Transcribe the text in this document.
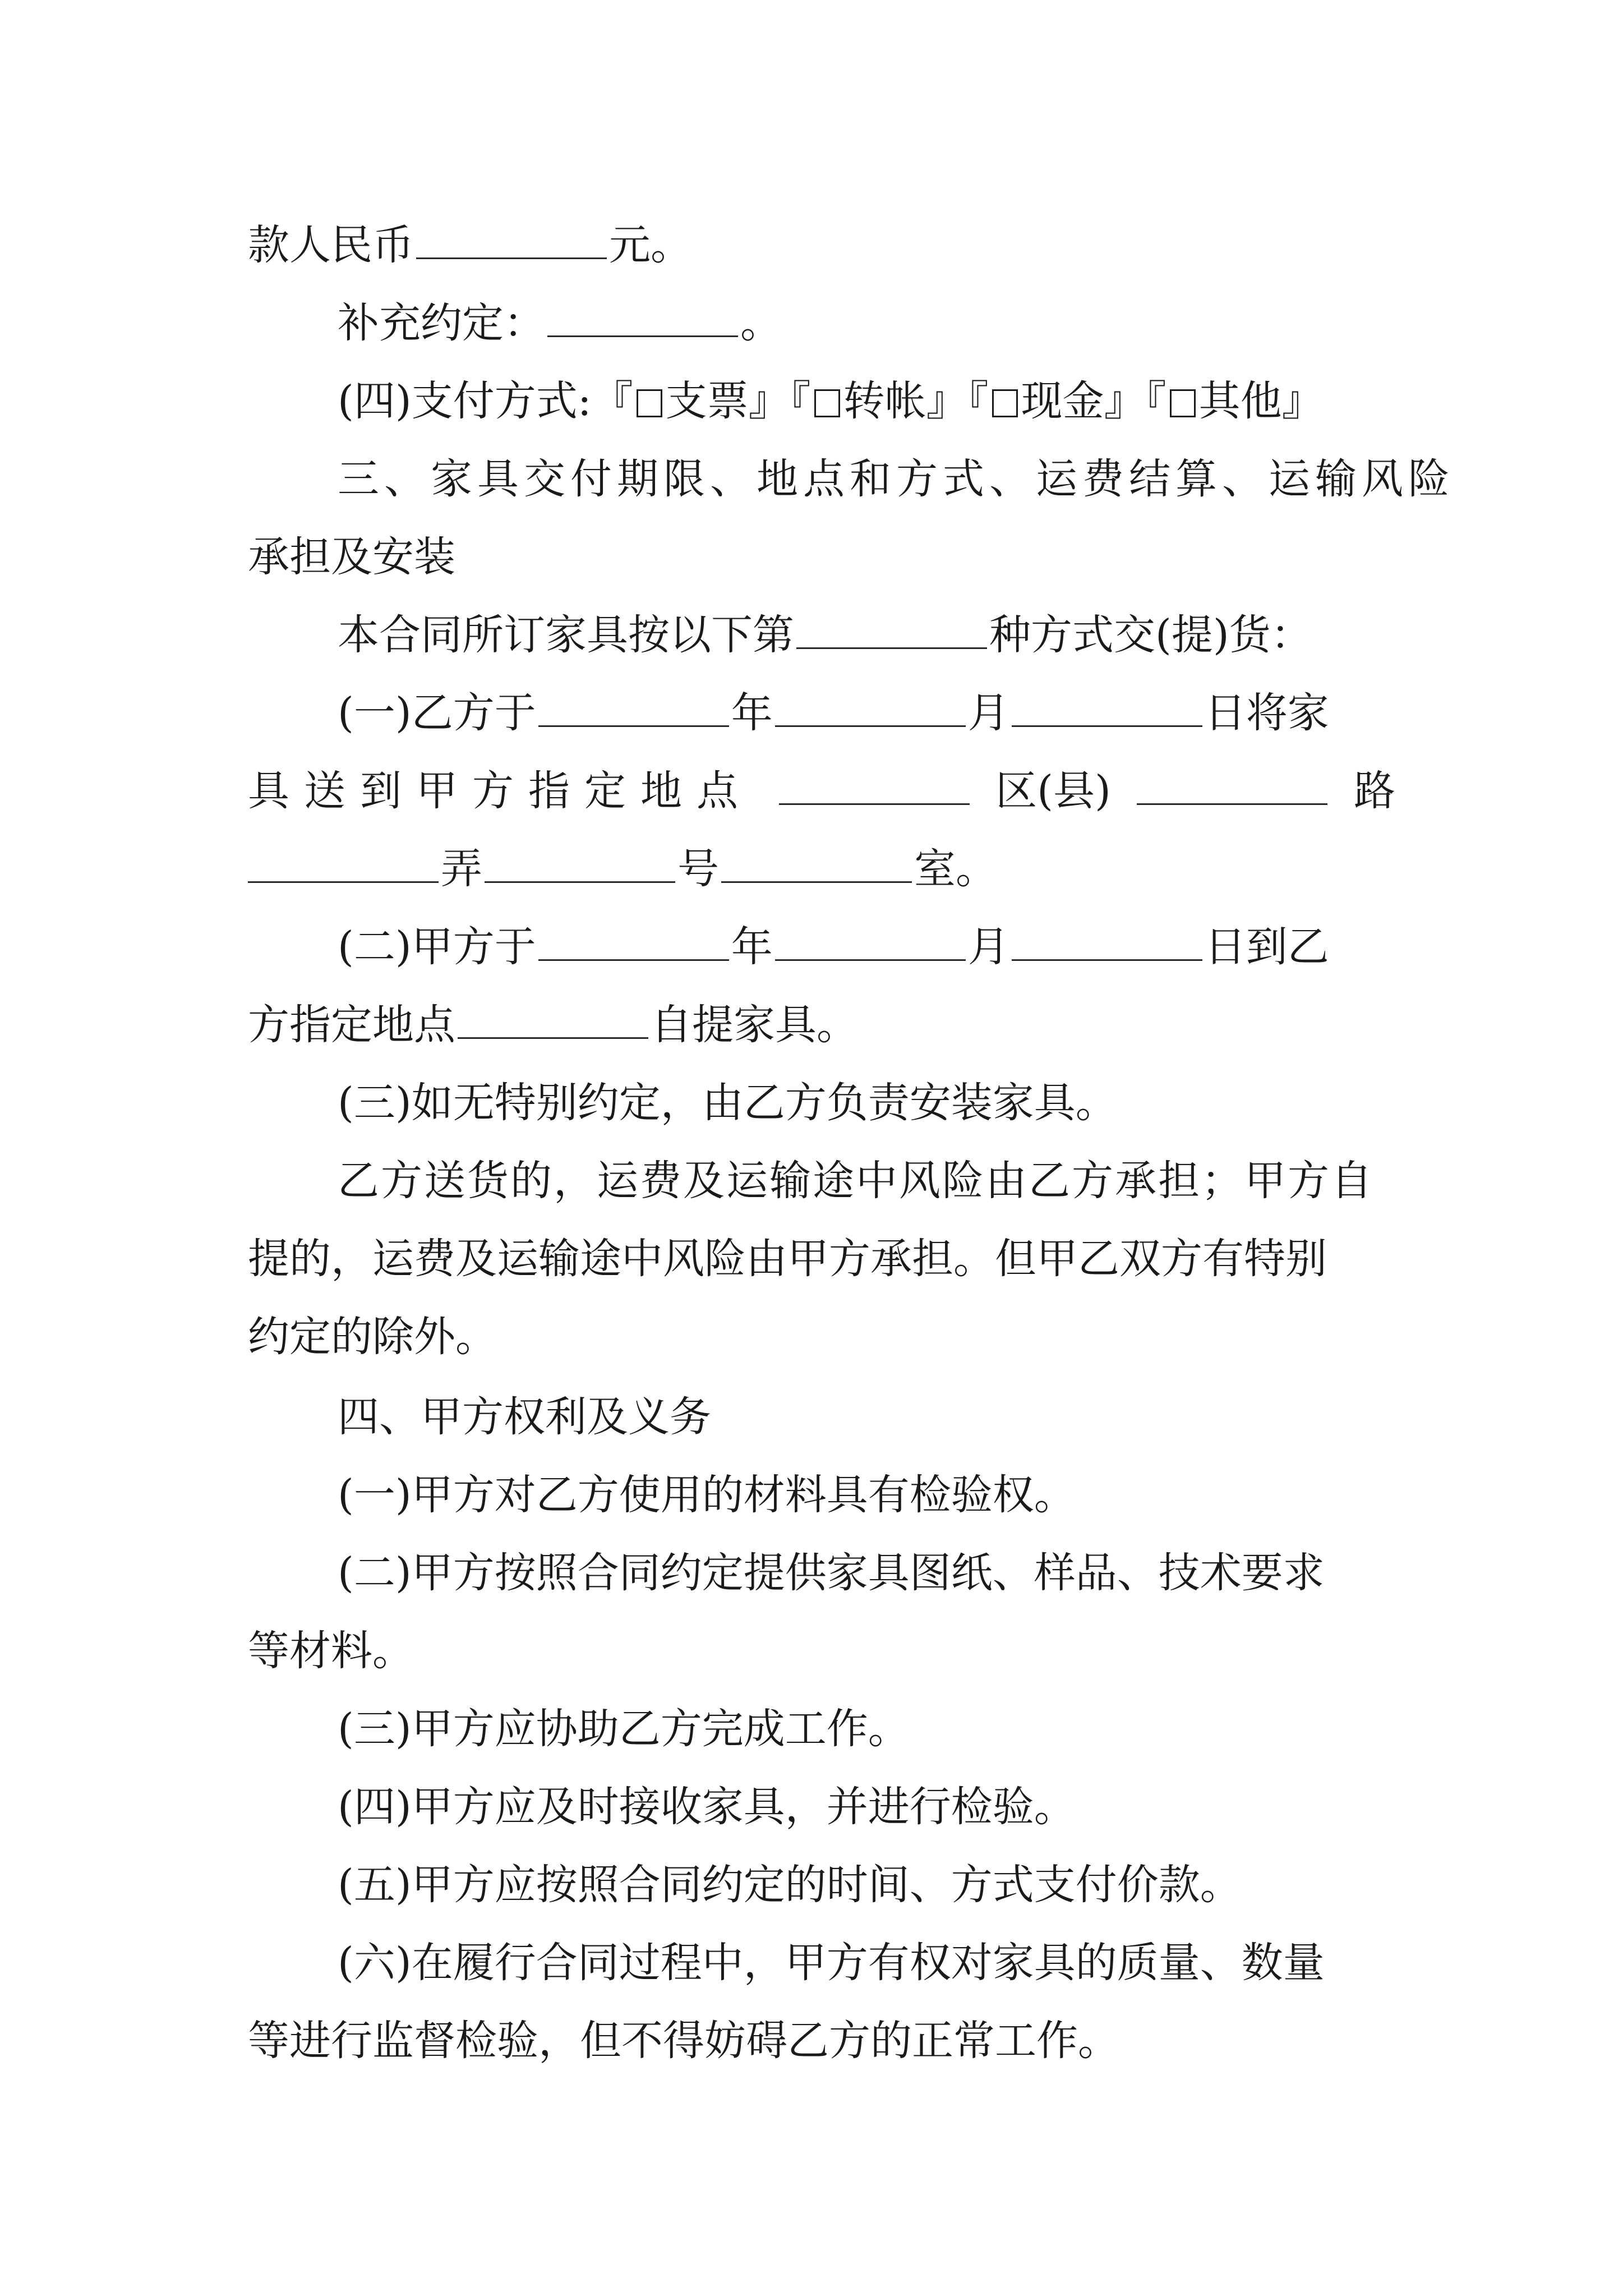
款人民币	元。
补充约定：	。
(四)支付方式:『 支票』『 转帐』『 现金』『 其他』
三、家具交付期限、地点和方式、运费结算、运输风险
承担及安装
本合同所订家具按以下第	种方式交(提)货：
(一)乙方于	年	月	日将家
具送到甲方指定地点	区(县)	路
弄	号	室。
(二)甲方于	年	月	日到乙
方指定地点	自提家具。
(三)如无特别约定，由乙方负责安装家具。
乙方送货的，运费及运输途中风险由乙方承担；甲方自
提的，运费及运输途中风险由甲方承担。但甲乙双方有特别
约定的除外。
四、甲方权利及义务
(一)甲方对乙方使用的材料具有检验权。
(二)甲方按照合同约定提供家具图纸、样品、技术要求
等材料。
(三)甲方应协助乙方完成工作。
(四)甲方应及时接收家具，并进行检验。
(五)甲方应按照合同约定的时间、方式支付价款。
(六)在履行合同过程中，甲方有权对家具的质量、数量
等进行监督检验，但不得妨碍乙方的正常工作。
